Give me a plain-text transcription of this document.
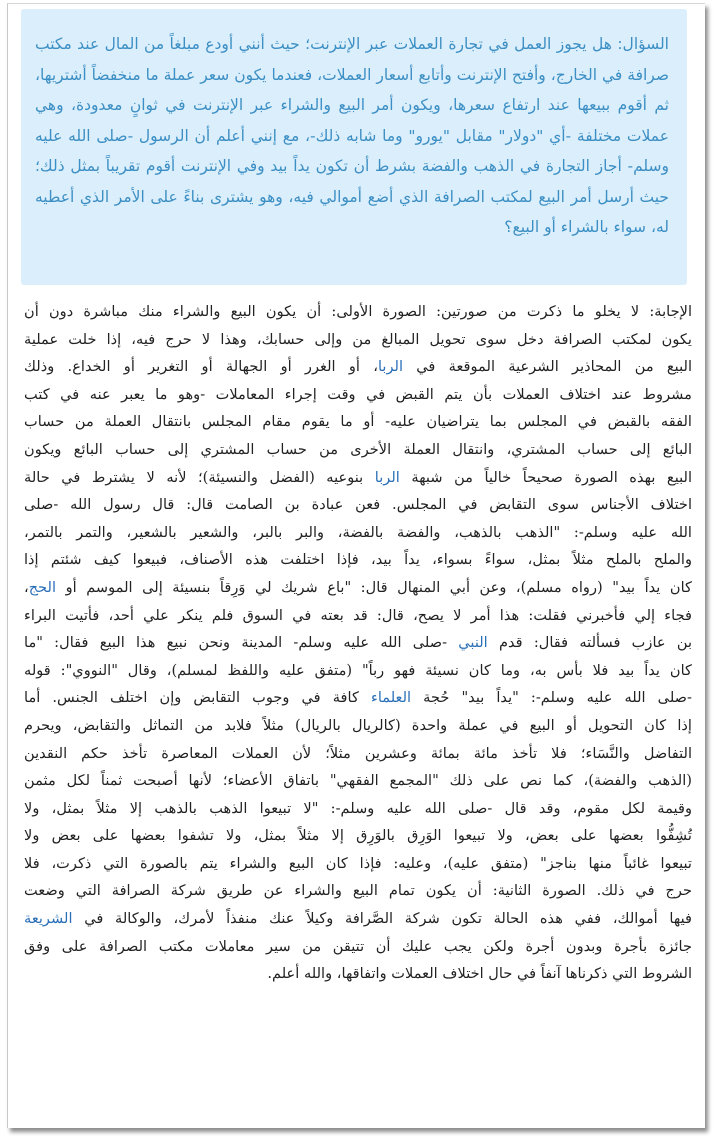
السؤال: هل يجوز العمل في تجارة العملات عبر الإنترنت؛ حيث أنني أودع مبلغاً من المال عند مكتب صرافة في الخارج، وأفتح الإنترنت وأتابع أسعار العملات، فعندما يكون سعر عملة ما منخفضاً أشتريها، ثم أقوم ببيعها عند ارتفاع سعرها، ويكون أمر البيع والشراء عبر الإنترنت في ثوانٍ معدودة، وهي عملات مختلفة -أي "دولار" مقابل "يورو" وما شابه ذلك-، مع إنني أعلم أن الرسول -صلى الله عليه وسلم- أجاز التجارة في الذهب والفضة بشرط أن تكون يداً بيد وفي الإنترنت أقوم تقريباً بمثل ذلك؛ حيث أرسل أمر البيع لمكتب الصرافة الذي أضع أموالي فيه، وهو يشترى بناءً على الأمر الذي أعطيه له، سواء بالشراء أو البيع؟
الإجابة: لا يخلو ما ذكرت من صورتين: الصورة الأولى: أن يكون البيع والشراء منك مباشرة دون أن
يكون لمكتب الصرافة دخل سوى تحويل المبالغ من وإلى حسابك، وهذا لا حرج فيه، إذا خلت عملية
البيع من المحاذير الشرعية الموقعة في الربا، أو الغرر أو الجهالة أو التغرير أو الخداع. وذلك
مشروط عند اختلاف العملات بأن يتم القبض في وقت إجراء المعاملات -وهو ما يعبر عنه في كتب
الفقه بالقبض في المجلس بما يتراضيان عليه- أو ما يقوم مقام المجلس بانتقال العملة من حساب
البائع إلى حساب المشتري، وانتقال العملة الأخرى من حساب المشتري إلى حساب البائع ويكون
البيع بهذه الصورة صحيحاً خالياً من شبهة الربا بنوعيه (الفضل والنسيئة)؛ لأنه لا يشترط في حالة
اختلاف الأجناس سوى التقابض في المجلس. فعن عبادة بن الصامت قال: قال رسول الله -صلى
الله عليه وسلم-: "الذهب بالذهب، والفضة بالفضة، والبر بالبر، والشعير بالشعير، والتمر بالتمر،
والملح بالملح مثلاً بمثل، سواءً بسواء، يداً بيد، فإذا اختلفت هذه الأصناف، فبيعوا كيف شئتم إذا
كان يداً بيد" (رواه مسلم)، وعن أبي المنهال قال: "باع شريك لي وَرِقاً بنسيئة إلى الموسم أو الحج،
فجاء إلي فأخبرني فقلت: هذا أمر لا يصح، قال: قد بعته في السوق فلم ينكر علي أحد، فأتيت البراء
بن عازب فسألته فقال: قدم النبي -صلى الله عليه وسلم- المدينة ونحن نبيع هذا البيع فقال: "ما
كان يداً بيد فلا بأس به، وما كان نسيئة فهو رباً" (متفق عليه واللفظ لمسلم)، وقال "النووي": قوله
-صلى الله عليه وسلم-: "يداً بيد" حُجة العلماء كافة في وجوب التقابض وإن اختلف الجنس. أما
إذا كان التحويل أو البيع في عملة واحدة (كالريال بالريال) مثلاً فلابد من التماثل والتقابض، ويحرم
التفاضل والنَّسَاء؛ فلا تأخذ مائة بمائة وعشرين مثلاً؛ لأن العملات المعاصرة تأخذ حكم النقدين
(الذهب والفضة)، كما نص على ذلك "المجمع الفقهي" باتفاق الأعضاء؛ لأنها أصبحت ثمناً لكل مثمن
وقيمة لكل مقوم، وقد قال -صلى الله عليه وسلم-: "لا تبيعوا الذهب بالذهب إلا مثلاً بمثل، ولا
تُشِفُّوا بعضها على بعض، ولا تبيعوا الوَرِق بالوَرِق إلا مثلاً بمثل، ولا تشفوا بعضها على بعض ولا
تبيعوا غائباً منها بناجز" (متفق عليه)، وعليه: فإذا كان البيع والشراء يتم بالصورة التي ذكرت، فلا
حرج في ذلك. الصورة الثانية: أن يكون تمام البيع والشراء عن طريق شركة الصرافة التي وضعت
فيها أموالك، ففي هذه الحالة تكون شركة الصَّرافة وكيلاً عنك منفذاً لأمرك، والوكالة في الشريعة
جائزة بأجرة وبدون أجرة ولكن يجب عليك أن تتيقن من سير معاملات مكتب الصرافة على وفق
الشروط التي ذكرناها آنفاً في حال اختلاف العملات واتفاقها، والله أعلم.
